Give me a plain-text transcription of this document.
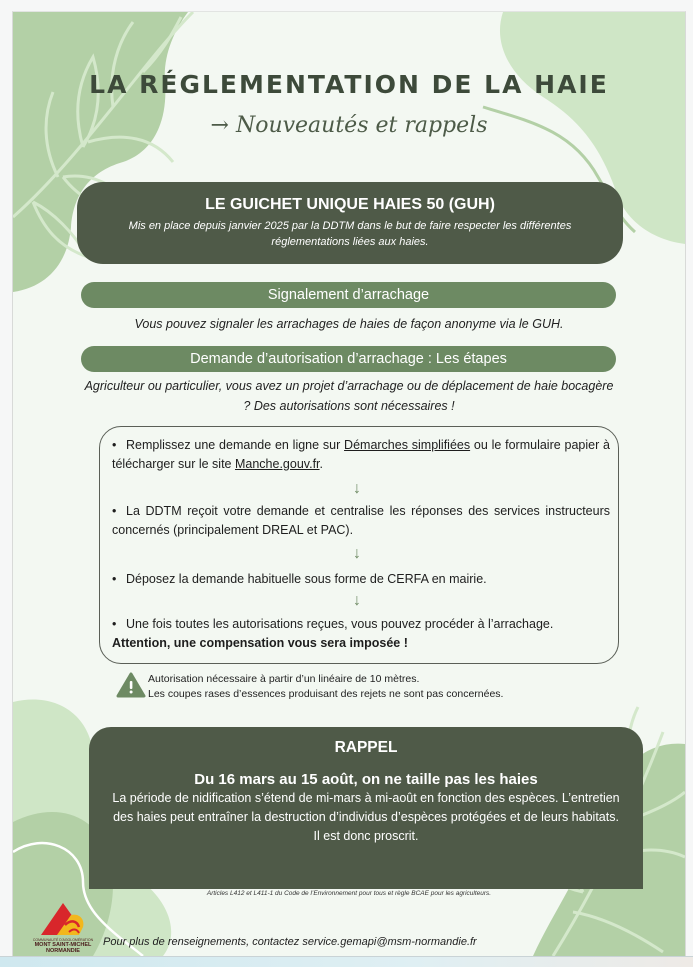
LA RÉGLEMENTATION DE LA HAIE
→ Nouveautés et rappels
LE GUICHET UNIQUE HAIES 50 (GUH)

Mis en place depuis janvier 2025 par la DDTM dans le but de faire respecter les différentes réglementations liées aux haies.

Signalement d’arrachage
Vous pouvez signaler les arrachages de haies de façon anonyme via le GUH.
Demande d’autorisation d’arrachage : Les étapes
Agriculteur ou particulier, vous avez un projet d’arrachage ou de déplacement de haie bocagère ? Des autorisations sont nécessaires !
• Remplissez une demande en ligne sur Démarches simplifiées ou le formulaire papier à télécharger sur le site Manche.gouv.fr.
↓
• La DDTM reçoit votre demande et centralise les réponses des services instructeurs concernés (principalement DREAL et PAC).
↓
• Déposez la demande habituelle sous forme de CERFA en mairie.
↓
• Une fois toutes les autorisations reçues, vous pouvez procéder à l’arrachage.
Attention, une compensation vous sera imposée !
Autorisation nécessaire à partir d’un linéaire de 10 mètres.
Les coupes rases d’essences produisant des rejets ne sont pas concernées.
RAPPEL
Du 16 mars au 15 août, on ne taille pas les haies

La période de nidification s’étend de mi-mars à mi-août en fonction des espèces. L’entretien des haies peut entraîner la destruction d’individus d’espèces protégées et de leurs habitats. Il est donc proscrit.

Articles L412 et L411-1 du Code de l’Environnement pour tous et règle BCAE pour les agriculteurs.
COMMUNAUTÉ D'AGGLOMÉRATION
MONT SAINT-MICHEL
NORMANDIE
Pour plus de renseignements, contactez service.gemapi@msm-normandie.fr
